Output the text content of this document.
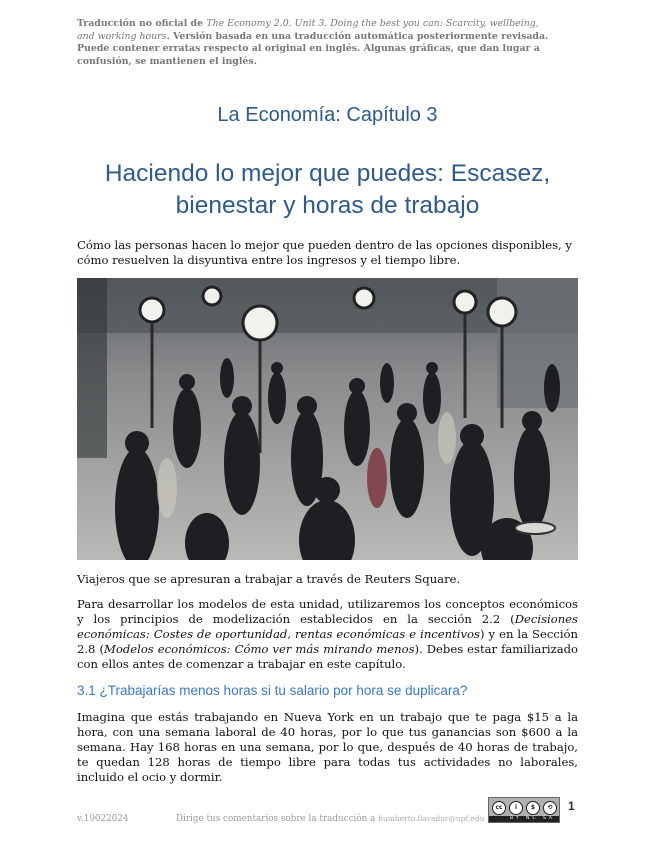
Traducción no oficial de The Economy 2.0. Unit 3. Doing the best you can: Scarcity, wellbeing, and working hours. Versión basada en una traducción automática posteriormente revisada. Puede contener erratas respecto al original en inglés. Algunas gráficas, que dan lugar a confusión, se mantienen el inglés.
La Economía: Capítulo 3
Haciendo lo mejor que puedes: Escasez, bienestar y horas de trabajo
Cómo las personas hacen lo mejor que pueden dentro de las opciones disponibles, y cómo resuelven la disyuntiva entre los ingresos y el tiempo libre.
Viajeros que se apresuran a trabajar a través de Reuters Square.
Para desarrollar los modelos de esta unidad, utilizaremos los conceptos económicos y los principios de modelización establecidos en la sección 2.2 (Decisiones económicas: Costes de oportunidad, rentas económicas e incentivos) y en la Sección 2.8 (Modelos económicos: Cómo ver más mirando menos). Debes estar familiarizado con ellos antes de comenzar a trabajar en este capítulo.
3.1 ¿Trabajarías menos horas si tu salario por hora se duplicara?
Imagina que estás trabajando en Nueva York en un trabajo que te paga $15 a la hora, con una semana laboral de 40 horas, por lo que tus ganancias son $600 a la semana. Hay 168 horas en una semana, por lo que, después de 40 horas de trabajo, te quedan 128 horas de tiempo libre para todas tus actividades no laborales, incluido el ocio y dormir.
v.19022024	Dirige tus comentarios sobre la traducción a humberto.llavador@upf.edu
cc	i	$	⟲
BY NC SA
1
